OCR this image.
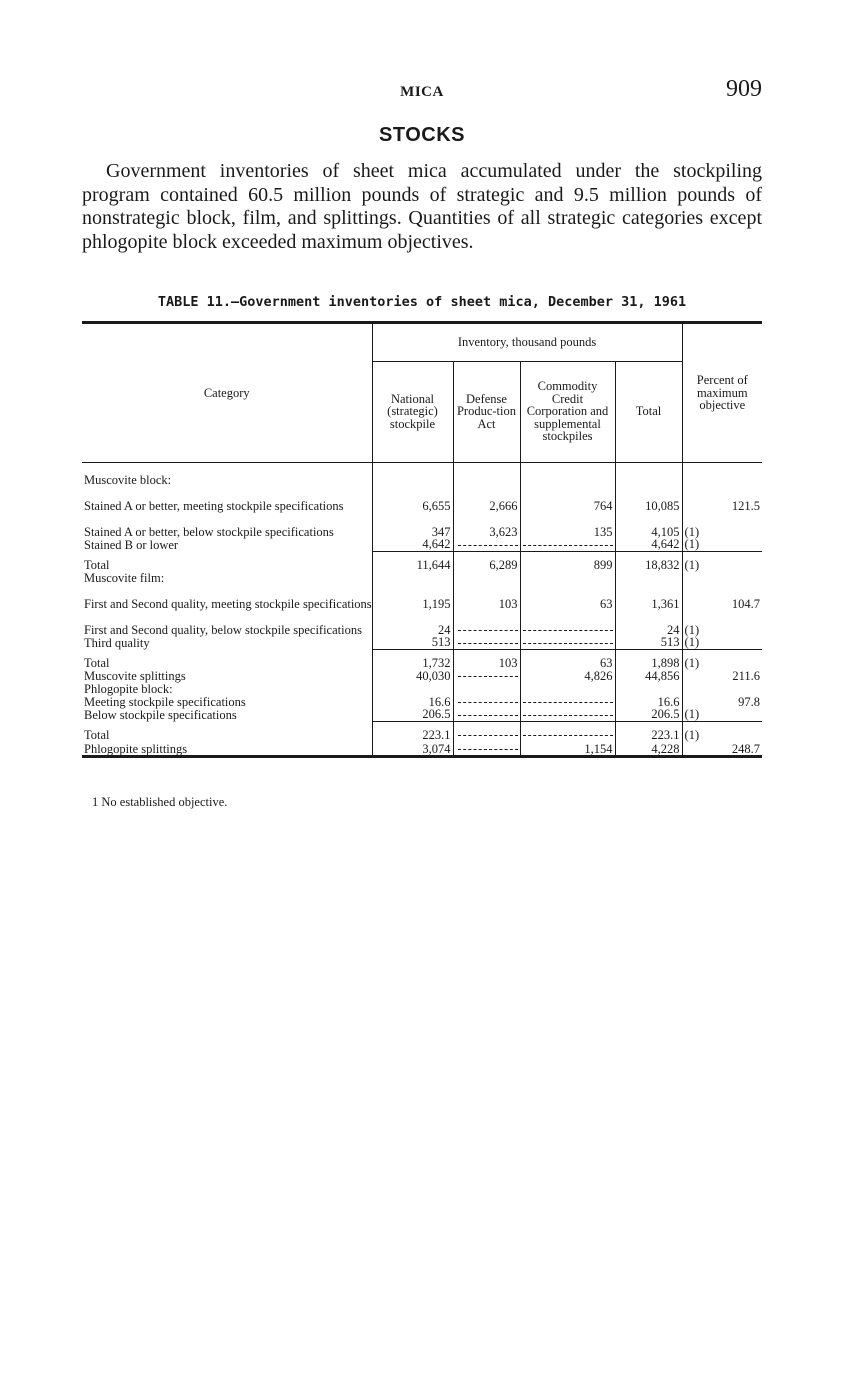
MICA	909
STOCKS

Government inventories of sheet mica accumulated under the stockpiling program contained 60.5 million pounds of strategic and 9.5 million pounds of nonstrategic block, film, and splittings. Quantities of all strategic categories except phlogopite block exceeded maximum objectives.

TABLE 11.—Government inventories of sheet mica, December 31, 1961
Category	Inventory, thousand pounds				Percent of maximum objective
	National (strategic) stockpile	Defense Produc-tion Act	Commodity Credit Corporation and supplemental stockpiles	Total	
Muscovite block:					
Stained A or better, meeting stockpile specifications	6,655	2,666	764	10,085	121.5
Stained A or better, below stockpile specifications	347	3,623	135	4,105	(1)
Stained B or lower	4,642			4,642	(1)
Total	11,644	6,289	899	18,832	(1)
Muscovite film:					
First and Second quality, meeting stockpile specifications	1,195	103	63	1,361	104.7
First and Second quality, below stockpile specifications	24			24	(1)
Third quality	513			513	(1)
Total	1,732	103	63	1,898	(1)
Muscovite splittings	40,030		4,826	44,856	211.6
Phlogopite block:					
Meeting stockpile specifications	16.6			16.6	97.8
Below stockpile specifications	206.5			206.5	(1)
Total	223.1			223.1	(1)
Phlogopite splittings	3,074		1,154	4,228	248.7
1 No established objective.
